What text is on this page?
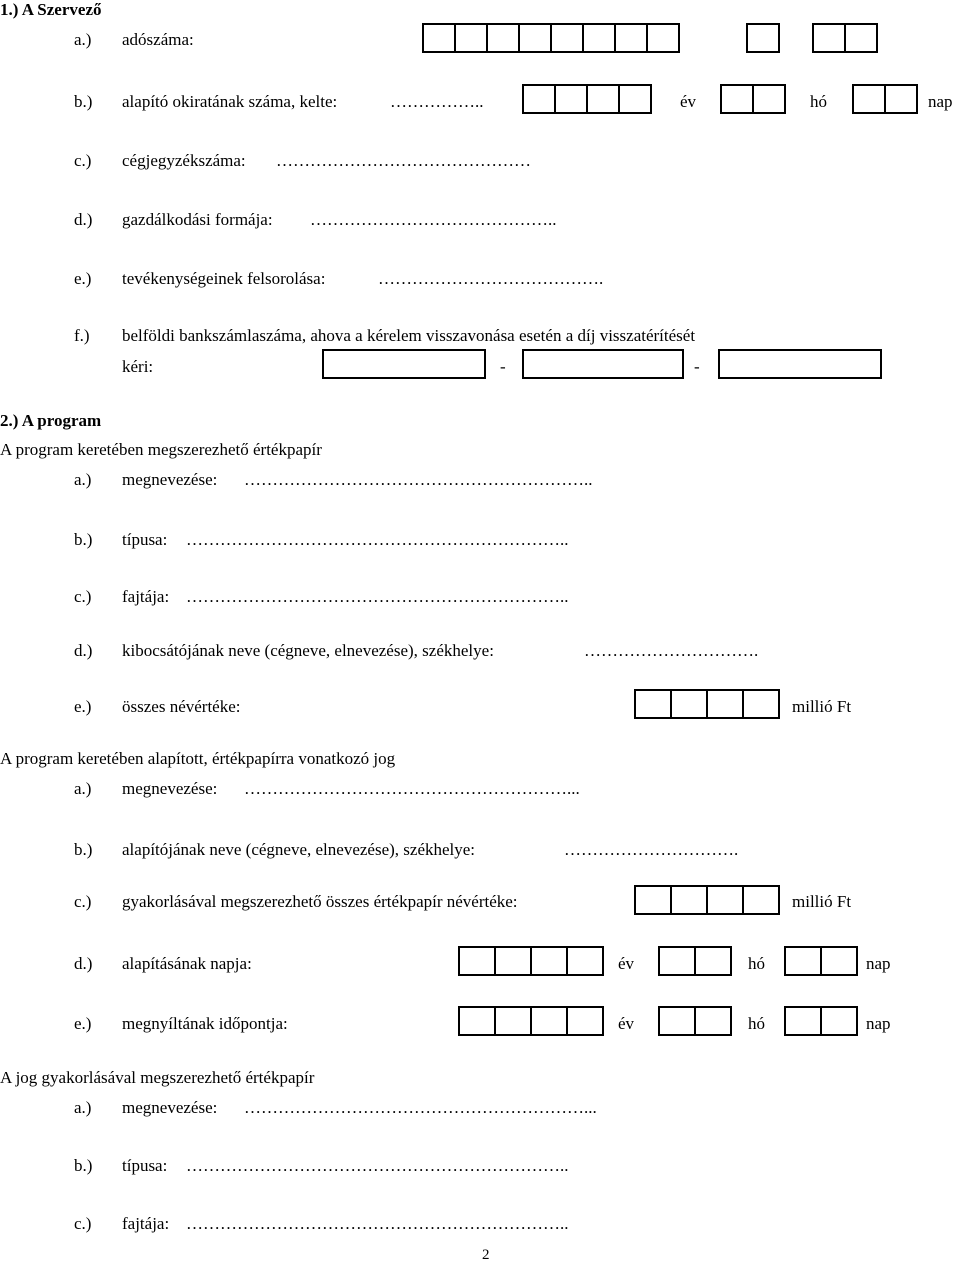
1.) A Szervező
a.) adószáma:
b.) alapító okiratának száma, kelte:	……………..	év	hó	nap
c.) cégjegyzékszáma: ………………………………………
d.) gazdálkodási formája: ……………………………………..
e.) tevékenységeinek felsorolása:	………………………………….
f.) belföldi bankszámlaszáma, ahova a kérelem visszavonása esetén a díj visszatérítését
kéri:	-	-
2.) A program
A program keretében megszerezhető értékpapír
a.) megnevezése: ……………………………………………………..
b.) típusa: …………………………………………………………..
c.) fajtája: …………………………………………………………..
d.) kibocsátójának neve (cégneve, elnevezése), székhelye:	………………………….
e.) összes névértéke:	millió Ft
A program keretében alapított, értékpapírra vonatkozó jog
a.) megnevezése: …………………………………………………...
b.) alapítójának neve (cégneve, elnevezése), székhelye:	………………………….
c.) gyakorlásával megszerezhető összes értékpapír névértéke:	millió Ft
d.) alapításának napja:	év	hó	nap
e.) megnyíltának időpontja:	év	hó	nap
A jog gyakorlásával megszerezhető értékpapír
a.) megnevezése: ……………………………………………………...
b.) típusa: …………………………………………………………..
c.) fajtája: …………………………………………………………..
2
